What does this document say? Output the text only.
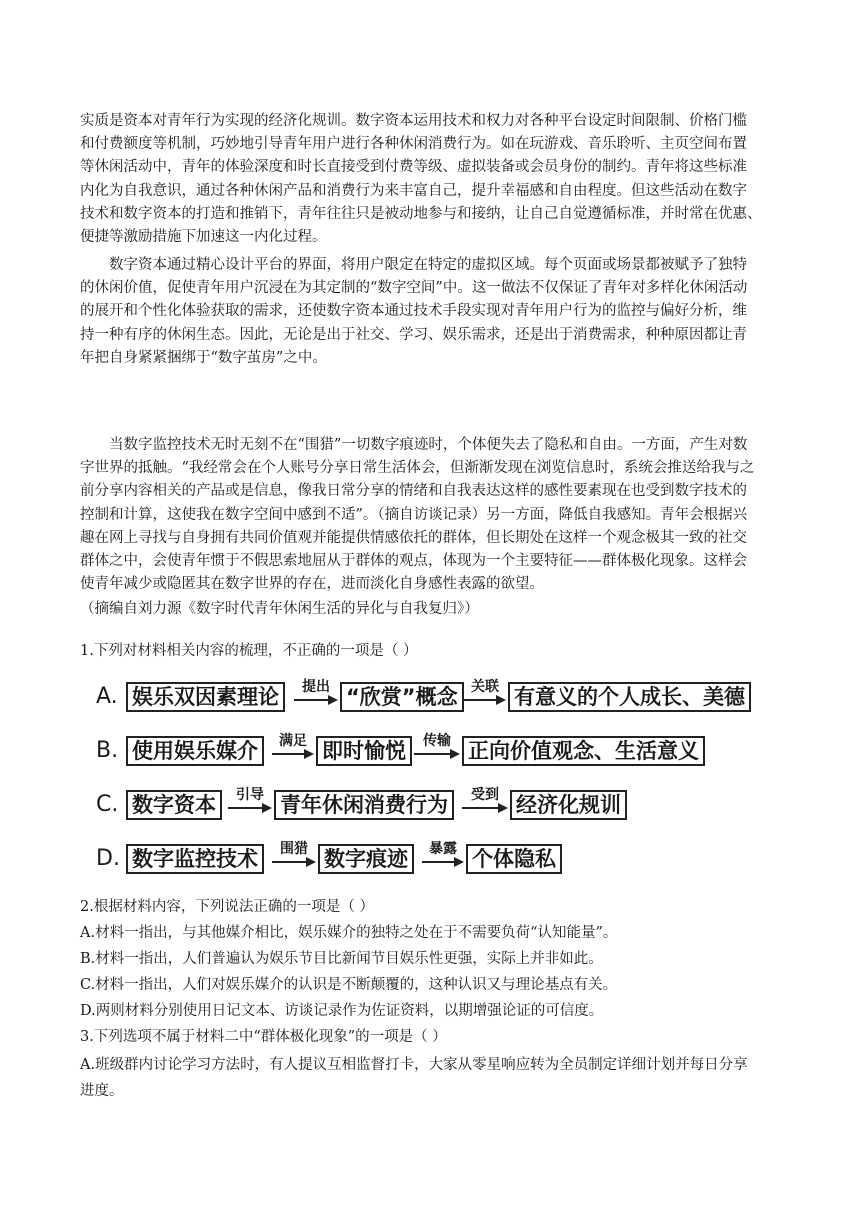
实质是资本对青年行为实现的经济化规训。数字资本运用技术和权力对各种平台设定时间限制、价格门槛
和付费额度等机制，巧妙地引导青年用户进行各种休闲消费行为。如在玩游戏、音乐聆听、主页空间布置
等休闲活动中，青年的体验深度和时长直接受到付费等级、虚拟装备或会员身份的制约。青年将这些标准
内化为自我意识，通过各种休闲产品和消费行为来丰富自己，提升幸福感和自由程度。但这些活动在数字
技术和数字资本的打造和推销下，青年往往只是被动地参与和接纳，让自己自觉遵循标准，并时常在优惠、
便捷等激励措施下加速这一内化过程。
　　数字资本通过精心设计平台的界面，将用户限定在特定的虚拟区域。每个页面或场景都被赋予了独特
的休闲价值，促使青年用户沉浸在为其定制的“数字空间”中。这一做法不仅保证了青年对多样化休闲活动
的展开和个性化体验获取的需求，还使数字资本通过技术手段实现对青年用户行为的监控与偏好分析，维
持一种有序的休闲生态。因此，无论是出于社交、学习、娱乐需求，还是出于消费需求，种种原因都让青
年把自身紧紧捆绑于“数字茧房”之中。
　　当数字监控技术无时无刻不在“围猎”一切数字痕迹时，个体便失去了隐私和自由。一方面，产生对数
字世界的抵触。“我经常会在个人账号分享日常生活体会，但渐渐发现在浏览信息时，系统会推送给我与之
前分享内容相关的产品或是信息，像我日常分享的情绪和自我表达这样的感性要素现在也受到数字技术的
控制和计算，这使我在数字空间中感到不适”。（摘自访谈记录）另一方面，降低自我感知。青年会根据兴
趣在网上寻找与自身拥有共同价值观并能提供情感依托的群体，但长期处在这样一个观念极其一致的社交
群体之中，会使青年惯于不假思索地屈从于群体的观点，体现为一个主要特征——群体极化现象。这样会
使青年减少或隐匿其在数字世界的存在，进而淡化自身感性表露的欲望。
（摘编自刘力源《数字时代青年休闲生活的异化与自我复归》）
1.下列对材料相关内容的梳理，不正确的一项是（ ）
A. 娱乐双因素理论	提出 “欣赏”概念 关联 有意义的个人成长、美德
B. 使用娱乐媒介	满足 即时愉悦	传输 正向价值观念、生活意义
C. 数字资本	引导 青年休闲消费行为	受到 经济化规训
D. 数字监控技术	围猎 数字痕迹	暴露 个体隐私
2.根据材料内容，下列说法正确的一项是（ ）
A.材料一指出，与其他媒介相比，娱乐媒介的独特之处在于不需要负荷“认知能量”。
B.材料一指出，人们普遍认为娱乐节目比新闻节目娱乐性更强，实际上并非如此。
C.材料一指出，人们对娱乐媒介的认识是不断颠覆的，这种认识又与理论基点有关。
D.两则材料分别使用日记文本、访谈记录作为佐证资料，以期增强论证的可信度。
3.下列选项不属于材料二中“群体极化现象”的一项是（ ）
A.班级群内讨论学习方法时，有人提议互相监督打卡，大家从零星响应转为全员制定详细计划并每日分享
进度。
